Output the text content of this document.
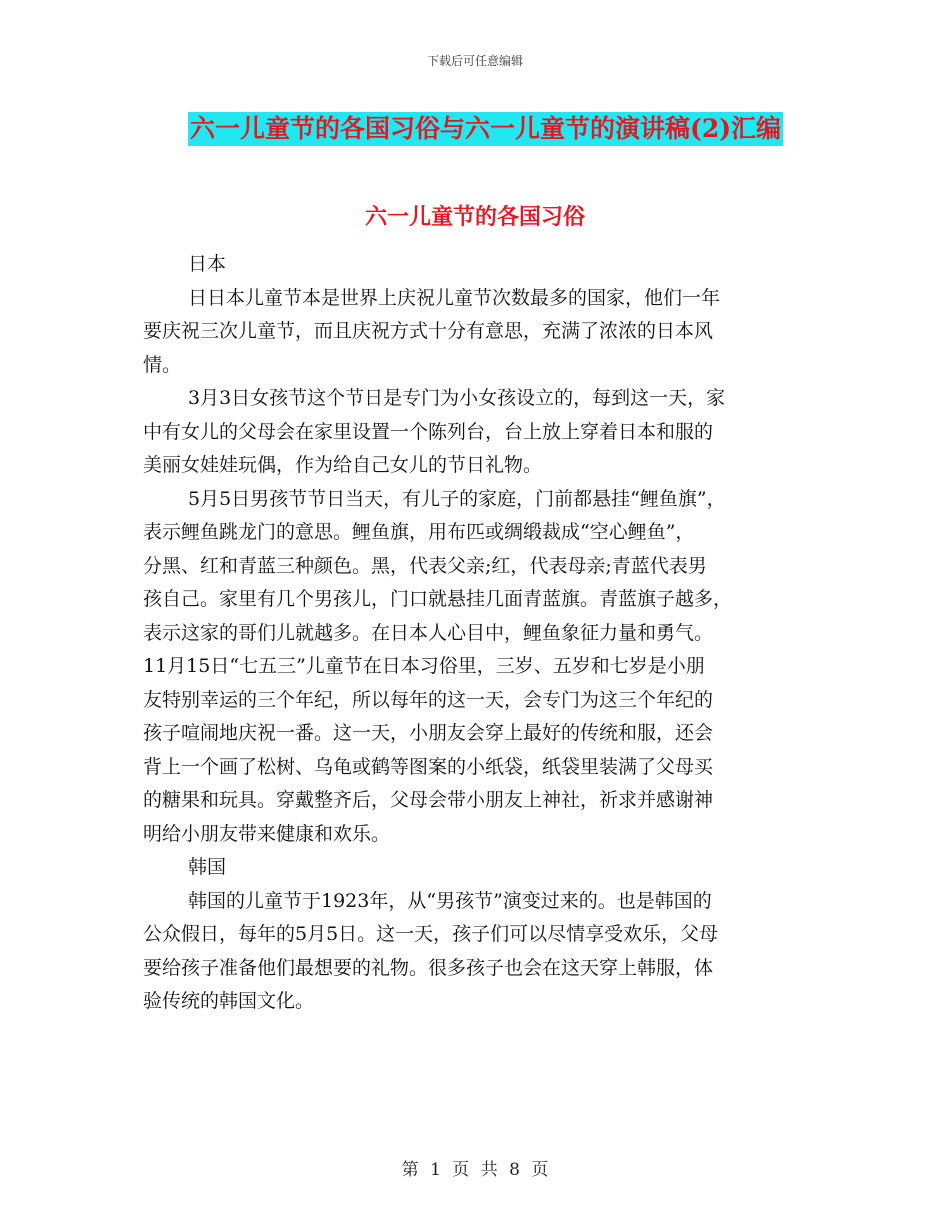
下载后可任意编辑
六一儿童节的各国习俗与六一儿童节的演讲稿(2)汇编
六一儿童节的各国习俗
日本
日日本儿童节本是世界上庆祝儿童节次数最多的国家，他们一年
要庆祝三次儿童节，而且庆祝方式十分有意思，充满了浓浓的日本风
情。
3月3日女孩节这个节日是专门为小女孩设立的，每到这一天，家
中有女儿的父母会在家里设置一个陈列台，台上放上穿着日本和服的
美丽女娃娃玩偶，作为给自己女儿的节日礼物。
5月5日男孩节节日当天，有儿子的家庭，门前都悬挂“鲤鱼旗”，
表示鲤鱼跳龙门的意思。鲤鱼旗，用布匹或绸缎裁成“空心鲤鱼”，
分黑、红和青蓝三种颜色。黑，代表父亲;红，代表母亲;青蓝代表男
孩自己。家里有几个男孩儿，门口就悬挂几面青蓝旗。青蓝旗子越多，
表示这家的哥们儿就越多。在日本人心目中，鲤鱼象征力量和勇气。
11月15日“七五三”儿童节在日本习俗里，三岁、五岁和七岁是小朋
友特别幸运的三个年纪，所以每年的这一天，会专门为这三个年纪的
孩子喧闹地庆祝一番。这一天，小朋友会穿上最好的传统和服，还会
背上一个画了松树、乌龟或鹤等图案的小纸袋，纸袋里装满了父母买
的糖果和玩具。穿戴整齐后，父母会带小朋友上神社，祈求并感谢神
明给小朋友带来健康和欢乐。
韩国
韩国的儿童节于1923年，从“男孩节”演变过来的。也是韩国的
公众假日，每年的5月5日。这一天，孩子们可以尽情享受欢乐，父母
要给孩子准备他们最想要的礼物。很多孩子也会在这天穿上韩服，体
验传统的韩国文化。
第 1 页 共 8 页
